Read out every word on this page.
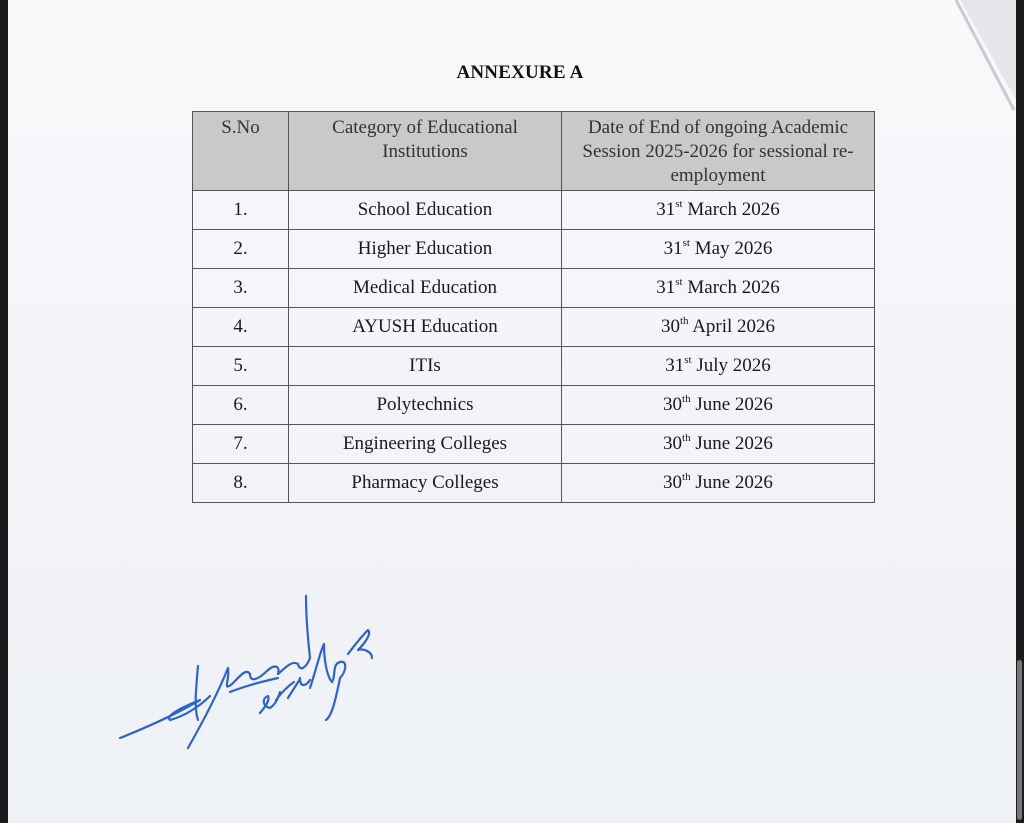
ANNEXURE A
S.No	Category of Educational Institutions	Date of End of ongoing Academic Session 2025-2026 for sessional re-employment

1.	School Education	31st March 2026
2.	Higher Education	31st May 2026
3.	Medical Education	31st March 2026
4.	AYUSH Education	30th April 2026
5.	ITIs	31st July 2026
6.	Polytechnics	30th June 2026
7.	Engineering Colleges	30th June 2026
8.	Pharmacy Colleges	30th June 2026
